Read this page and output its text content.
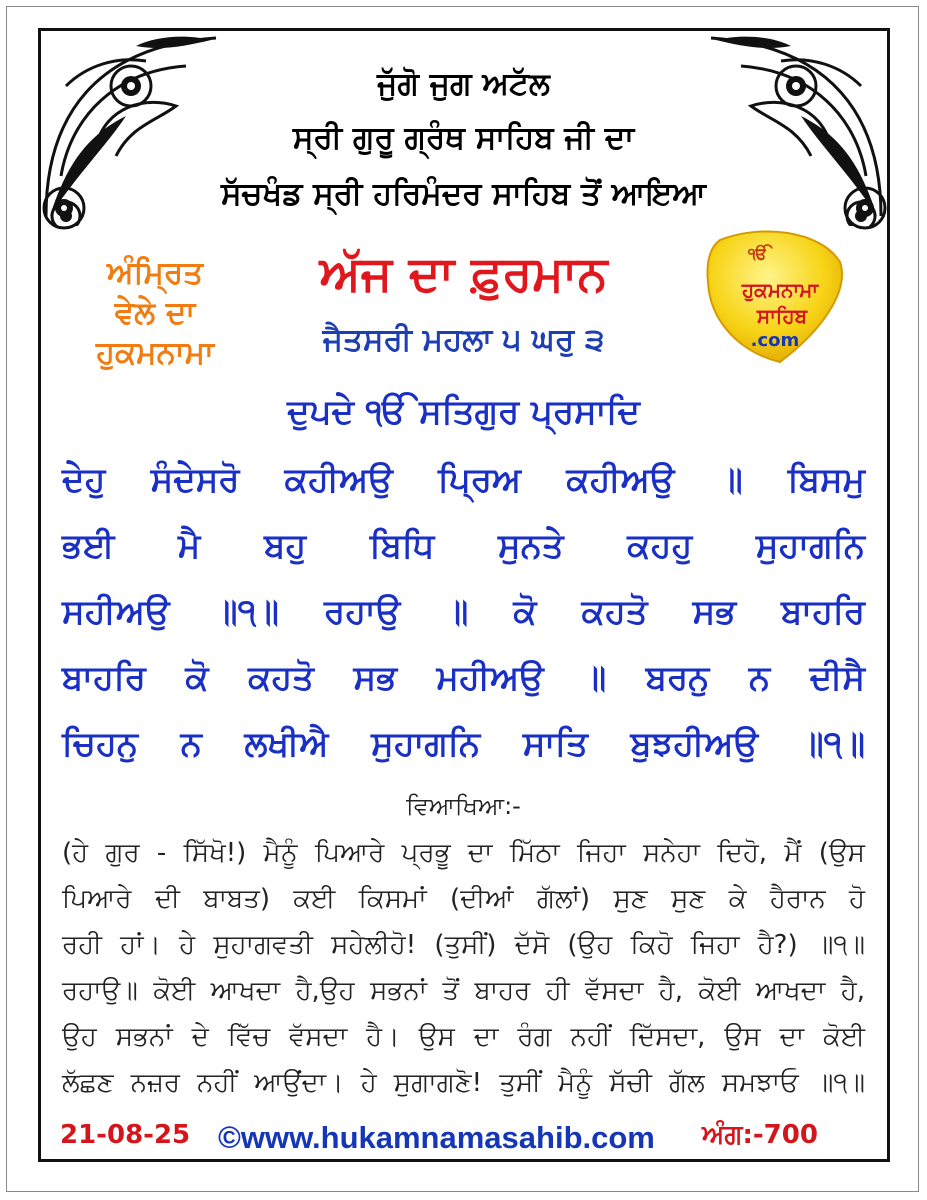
ਜੁੱਗੋ ਜੁਗ ਅਟੱਲ
ਸ੍ਰੀ ਗੁਰੂ ਗ੍ਰੰਥ ਸਾਹਿਬ ਜੀ ਦਾ
ਸੱਚਖੰਡ ਸ੍ਰੀ ਹਰਿਮੰਦਰ ਸਾਹਿਬ ਤੋਂ ਆਇਆ
ਅੰਮ੍ਰਿਤ
ਵੇਲੇ ਦਾ
ਹੁਕਮਨਾਮਾ
ਅੱਜ ਦਾ ਫ਼ੁਰਮਾਨ
ਜੈਤਸਰੀ ਮਹਲਾ ੫ ਘਰੁ ੩
ੴ
ਹੁਕਮਨਾਮਾ
ਸਾਹਿਬ
.com
ਦੁਪਦੇ ੴ ਸਤਿਗੁਰ ਪ੍ਰਸਾਦਿ
ਦੇਹੁ ਸੰਦੇਸਰੋ ਕਹੀਅਉ ਪ੍ਰਿਅ ਕਹੀਅਉ ॥ ਬਿਸਮੁ
ਭਈ ਮੈ ਬਹੁ ਬਿਧਿ ਸੁਨਤੇ ਕਹਹੁ ਸੁਹਾਗਨਿ
ਸਹੀਅਉ ॥੧॥ ਰਹਾਉ ॥ ਕੋ ਕਹਤੋ ਸਭ ਬਾਹਰਿ
ਬਾਹਰਿ ਕੋ ਕਹਤੋ ਸਭ ਮਹੀਅਉ ॥ ਬਰਨੁ ਨ ਦੀਸੈ
ਚਿਹਨੁ ਨ ਲਖੀਐ ਸੁਹਾਗਨਿ ਸਾਤਿ ਬੁਝਹੀਅਉ ॥੧॥
ਵਿਆਖਿਆ:-
(ਹੇ ਗੁਰ - ਸਿੱਖੋ!) ਮੈਨੂੰ ਪਿਆਰੇ ਪ੍ਰਭੂ ਦਾ ਮਿੱਠਾ ਜਿਹਾ ਸਨੇਹਾ ਦਿਹੋ, ਮੈਂ (ਉਸ
ਪਿਆਰੇ ਦੀ ਬਾਬਤ) ਕਈ ਕਿਸਮਾਂ (ਦੀਆਂ ਗੱਲਾਂ) ਸੁਣ ਸੁਣ ਕੇ ਹੈਰਾਨ ਹੋ
ਰਹੀ ਹਾਂ। ਹੇ ਸੁਹਾਗਵਤੀ ਸਹੇਲੀਹੋ! (ਤੁਸੀਂ) ਦੱਸੋ (ਉਹ ਕਿਹੋ ਜਿਹਾ ਹੈ?) ॥੧॥
ਰਹਾਉ॥ ਕੋਈ ਆਖਦਾ ਹੈ,ਉਹ ਸਭਨਾਂ ਤੋਂ ਬਾਹਰ ਹੀ ਵੱਸਦਾ ਹੈ, ਕੋਈ ਆਖਦਾ ਹੈ,
ਉਹ ਸਭਨਾਂ ਦੇ ਵਿੱਚ ਵੱਸਦਾ ਹੈ। ਉਸ ਦਾ ਰੰਗ ਨਹੀਂ ਦਿੱਸਦਾ, ਉਸ ਦਾ ਕੋਈ
ਲੱਛਣ ਨਜ਼ਰ ਨਹੀਂ ਆਉਂਦਾ। ਹੇ ਸੁਗਾਗਣੋ! ਤੁਸੀਂ ਮੈਨੂੰ ਸੱਚੀ ਗੱਲ ਸਮਝਾਓ ॥੧॥
21-08-25 ©www.hukamnamasahib.com ਅੰਗ:-700
